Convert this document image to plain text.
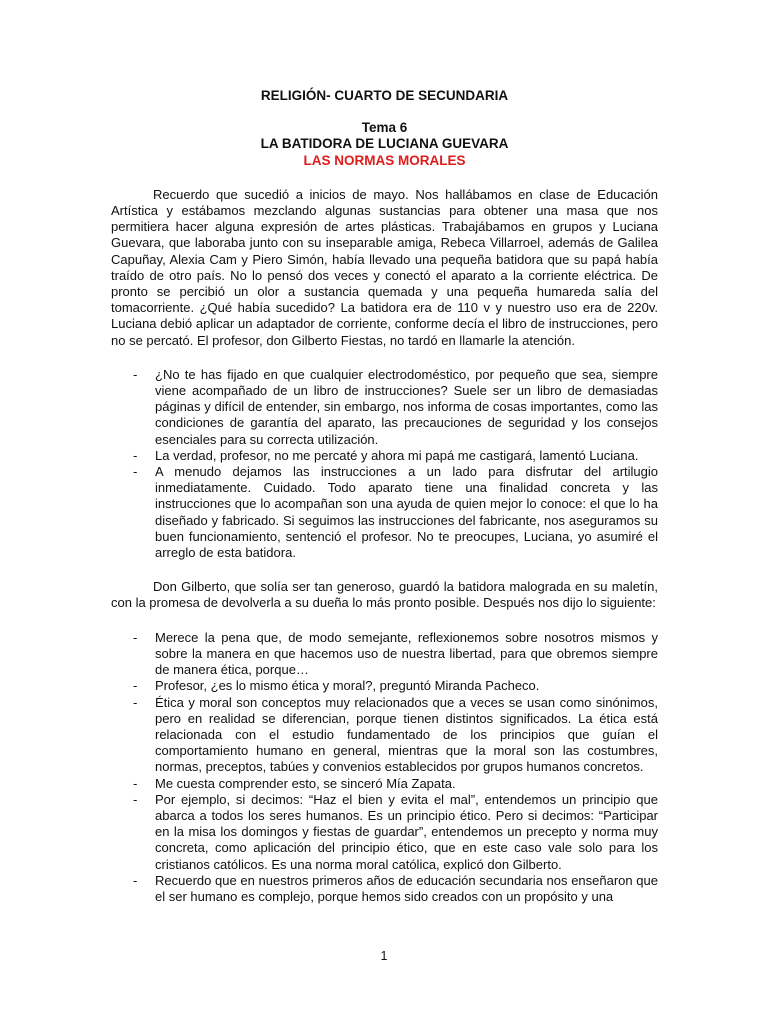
RELIGIÓN- CUARTO DE SECUNDARIA
Tema 6
LA BATIDORA DE LUCIANA GUEVARA
LAS NORMAS MORALES

Recuerdo que sucedió a inicios de mayo. Nos hallábamos en clase de Educación Artística y estábamos mezclando algunas sustancias para obtener una masa que nos permitiera hacer alguna expresión de artes plásticas. Trabajábamos en grupos y Luciana Guevara, que laboraba junto con su inseparable amiga, Rebeca Villarroel, además de Galilea Capuñay, Alexia Cam y Piero Simón, había llevado una pequeña batidora que su papá había traído de otro país. No lo pensó dos veces y conectó el aparato a la corriente eléctrica. De pronto se percibió un olor a sustancia quemada y una pequeña humareda salía del tomacorriente. ¿Qué había sucedido? La batidora era de 110 v y nuestro uso era de 220v. Luciana debió aplicar un adaptador de corriente, conforme decía el libro de instrucciones, pero no se percató. El profesor, don Gilberto Fiestas, no tardó en llamarle la atención.

- ¿No te has fijado en que cualquier electrodoméstico, por pequeño que sea, siempre viene acompañado de un libro de instrucciones? Suele ser un libro de demasiadas páginas y difícil de entender, sin embargo, nos informa de cosas importantes, como las condiciones de garantía del aparato, las precauciones de seguridad y los consejos esenciales para su correcta utilización.
- La verdad, profesor, no me percaté y ahora mi papá me castigará, lamentó Luciana.
- A menudo dejamos las instrucciones a un lado para disfrutar del artilugio inmediatamente. Cuidado. Todo aparato tiene una finalidad concreta y las instrucciones que lo acompañan son una ayuda de quien mejor lo conoce: el que lo ha diseñado y fabricado. Si seguimos las instrucciones del fabricante, nos aseguramos su buen funcionamiento, sentenció el profesor. No te preocupes, Luciana, yo asumiré el arreglo de esta batidora.

Don Gilberto, que solía ser tan generoso, guardó la batidora malograda en su maletín, con la promesa de devolverla a su dueña lo más pronto posible. Después nos dijo lo siguiente:

- Merece la pena que, de modo semejante, reflexionemos sobre nosotros mismos y sobre la manera en que hacemos uso de nuestra libertad, para que obremos siempre de manera ética, porque…
- Profesor, ¿es lo mismo ética y moral?, preguntó Miranda Pacheco.
- Ética y moral son conceptos muy relacionados que a veces se usan como sinónimos, pero en realidad se diferencian, porque tienen distintos significados. La ética está relacionada con el estudio fundamentado de los principios que guían el comportamiento humano en general, mientras que la moral son las costumbres, normas, preceptos, tabúes y convenios establecidos por grupos humanos concretos.
- Me cuesta comprender esto, se sinceró Mía Zapata.
- Por ejemplo, si decimos: “Haz el bien y evita el mal”, entendemos un principio que abarca a todos los seres humanos. Es un principio ético. Pero si decimos: “Participar en la misa los domingos y fiestas de guardar”, entendemos un precepto y norma muy concreta, como aplicación del principio ético, que en este caso vale solo para los cristianos católicos. Es una norma moral católica, explicó don Gilberto.
- Recuerdo que en nuestros primeros años de educación secundaria nos enseñaron que el ser humano es complejo, porque hemos sido creados con un propósito y una
1
